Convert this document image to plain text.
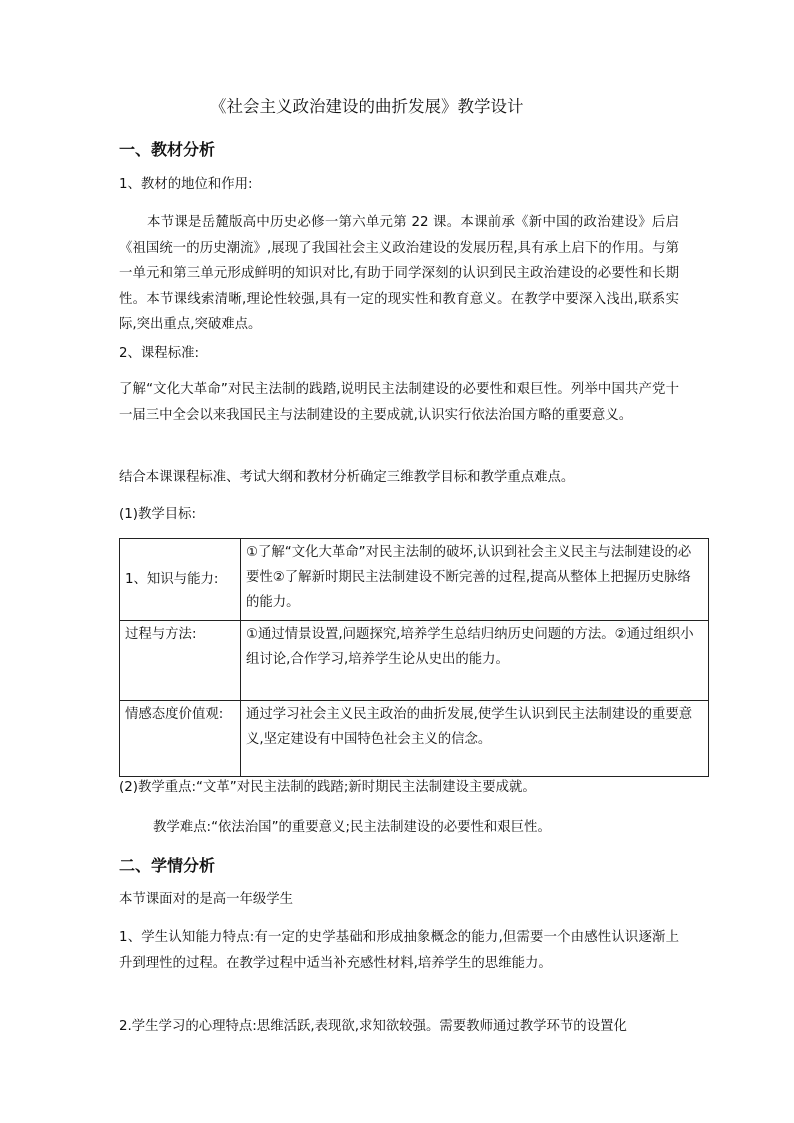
《社会主义政治建设的曲折发展》教学设计
一、教材分析
1、教材的地位和作用:
本节课是岳麓版高中历史必修一第六单元第 22 课。本课前承《新中国的政治建设》后启《祖国统一的历史潮流》,展现了我国社会主义政治建设的发展历程,具有承上启下的作用。与第一单元和第三单元形成鲜明的知识对比,有助于同学深刻的认识到民主政治建设的必要性和长期性。本节课线索清晰,理论性较强,具有一定的现实性和教育意义。在教学中要深入浅出,联系实际,突出重点,突破难点。
2、课程标准:
了解“文化大革命”对民主法制的践踏,说明民主法制建设的必要性和艰巨性。列举中国共产党十一届三中全会以来我国民主与法制建设的主要成就,认识实行依法治国方略的重要意义。
结合本课课程标准、考试大纲和教材分析确定三维教学目标和教学重点难点。
(1)教学目标:
1、知识与能力:	①了解“文化大革命”对民主法制的破坏,认识到社会主义民主与法制建设的必要性②了解新时期民主法制建设不断完善的过程,提高从整体上把握历史脉络的能力。
过程与方法:	①通过情景设置,问题探究,培养学生总结归纳历史问题的方法。②通过组织小组讨论,合作学习,培养学生论从史出的能力。
情感态度价值观:	通过学习社会主义民主政治的曲折发展,使学生认识到民主法制建设的重要意义,坚定建设有中国特色社会主义的信念。
(2)教学重点:“文革”对民主法制的践踏;新时期民主法制建设主要成就。
教学难点:“依法治国”的重要意义;民主法制建设的必要性和艰巨性。
二、学情分析
本节课面对的是高一年级学生
1、学生认知能力特点:有一定的史学基础和形成抽象概念的能力,但需要一个由感性认识逐渐上升到理性的过程。在教学过程中适当补充感性材料,培养学生的思维能力。
2.学生学习的心理特点:思维活跃,表现欲,求知欲较强。需要教师通过教学环节的设置化
